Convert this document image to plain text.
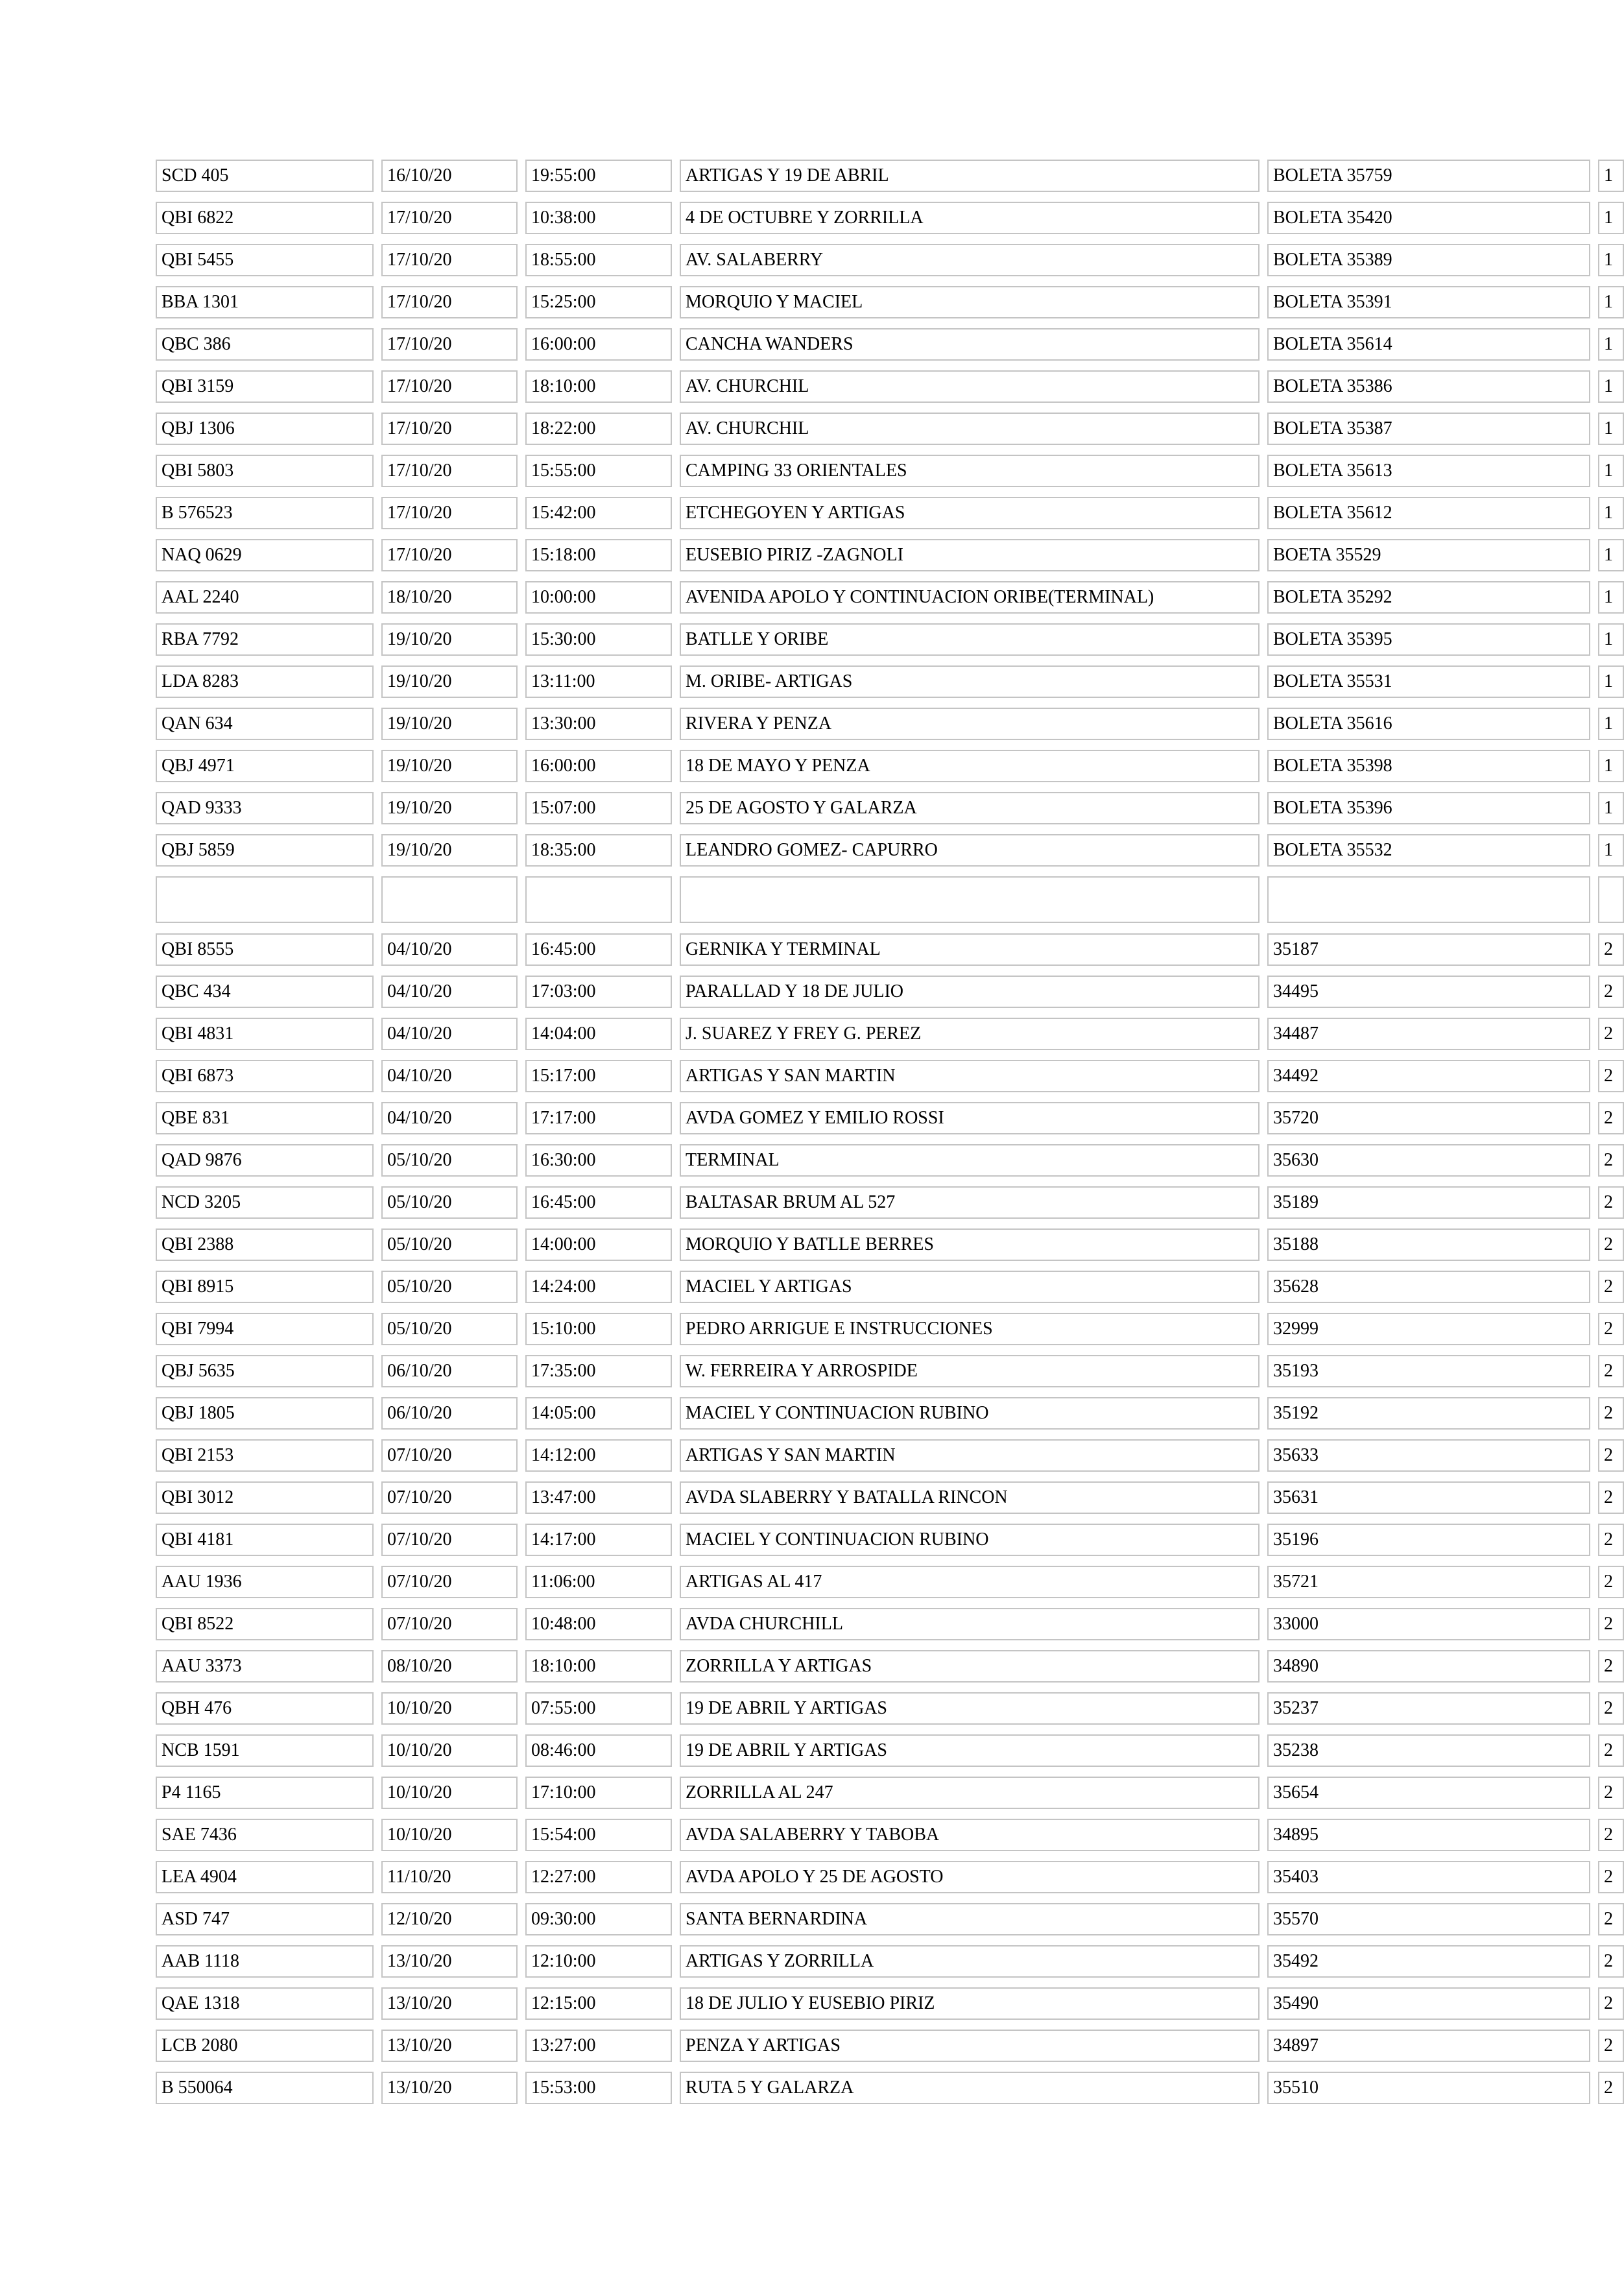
SCD 405	16/10/20	19:55:00	ARTIGAS Y 19 DE ABRIL	BOLETA 35759	1
QBI 6822	17/10/20	10:38:00	4 DE OCTUBRE Y ZORRILLA	BOLETA 35420	1
QBI 5455	17/10/20	18:55:00	AV. SALABERRY	BOLETA 35389	1
BBA 1301	17/10/20	15:25:00	MORQUIO Y MACIEL	BOLETA 35391	1
QBC 386	17/10/20	16:00:00	CANCHA WANDERS	BOLETA 35614	1
QBI 3159	17/10/20	18:10:00	AV. CHURCHIL	BOLETA 35386	1
QBJ 1306	17/10/20	18:22:00	AV. CHURCHIL	BOLETA 35387	1
QBI 5803	17/10/20	15:55:00	CAMPING 33 ORIENTALES	BOLETA 35613	1
B 576523	17/10/20	15:42:00	ETCHEGOYEN Y ARTIGAS	BOLETA 35612	1
NAQ 0629	17/10/20	15:18:00	EUSEBIO PIRIZ -ZAGNOLI	BOETA 35529	1
AAL 2240	18/10/20	10:00:00	AVENIDA APOLO Y CONTINUACION ORIBE(TERMINAL)	BOLETA 35292	1
RBA 7792	19/10/20	15:30:00	BATLLE Y ORIBE	BOLETA 35395	1
LDA 8283	19/10/20	13:11:00	M. ORIBE- ARTIGAS	BOLETA 35531	1
QAN 634	19/10/20	13:30:00	RIVERA Y PENZA	BOLETA 35616	1
QBJ 4971	19/10/20	16:00:00	18 DE MAYO Y PENZA	BOLETA 35398	1
QAD 9333	19/10/20	15:07:00	25 DE AGOSTO Y GALARZA	BOLETA 35396	1
QBJ 5859	19/10/20	18:35:00	LEANDRO GOMEZ- CAPURRO	BOLETA 35532	1
QBI 8555	04/10/20	16:45:00	GERNIKA Y TERMINAL	35187	2
QBC 434	04/10/20	17:03:00	PARALLAD Y 18 DE JULIO	34495	2
QBI 4831	04/10/20	14:04:00	J. SUAREZ Y FREY G. PEREZ	34487	2
QBI 6873	04/10/20	15:17:00	ARTIGAS Y SAN MARTIN	34492	2
QBE 831	04/10/20	17:17:00	AVDA GOMEZ Y EMILIO ROSSI	35720	2
QAD 9876	05/10/20	16:30:00	TERMINAL	35630	2
NCD 3205	05/10/20	16:45:00	BALTASAR BRUM AL 527	35189	2
QBI 2388	05/10/20	14:00:00	MORQUIO Y BATLLE BERRES	35188	2
QBI 8915	05/10/20	14:24:00	MACIEL Y ARTIGAS	35628	2
QBI 7994	05/10/20	15:10:00	PEDRO ARRIGUE E INSTRUCCIONES	32999	2
QBJ 5635	06/10/20	17:35:00	W. FERREIRA Y ARROSPIDE	35193	2
QBJ 1805	06/10/20	14:05:00	MACIEL Y CONTINUACION RUBINO	35192	2
QBI 2153	07/10/20	14:12:00	ARTIGAS Y SAN MARTIN	35633	2
QBI 3012	07/10/20	13:47:00	AVDA SLABERRY Y BATALLA RINCON	35631	2
QBI 4181	07/10/20	14:17:00	MACIEL Y CONTINUACION RUBINO	35196	2
AAU 1936	07/10/20	11:06:00	ARTIGAS AL 417	35721	2
QBI 8522	07/10/20	10:48:00	AVDA CHURCHILL	33000	2
AAU 3373	08/10/20	18:10:00	ZORRILLA Y ARTIGAS	34890	2
QBH 476	10/10/20	07:55:00	19 DE ABRIL Y ARTIGAS	35237	2
NCB 1591	10/10/20	08:46:00	19 DE ABRIL Y ARTIGAS	35238	2
P4 1165	10/10/20	17:10:00	ZORRILLA AL 247	35654	2
SAE 7436	10/10/20	15:54:00	AVDA SALABERRY Y TABOBA	34895	2
LEA 4904	11/10/20	12:27:00	AVDA APOLO Y 25 DE AGOSTO	35403	2
ASD 747	12/10/20	09:30:00	SANTA BERNARDINA	35570	2
AAB 1118	13/10/20	12:10:00	ARTIGAS Y ZORRILLA	35492	2
QAE 1318	13/10/20	12:15:00	18 DE JULIO Y EUSEBIO PIRIZ	35490	2
LCB 2080	13/10/20	13:27:00	PENZA Y ARTIGAS	34897	2
B 550064	13/10/20	15:53:00	RUTA 5 Y GALARZA	35510	2
